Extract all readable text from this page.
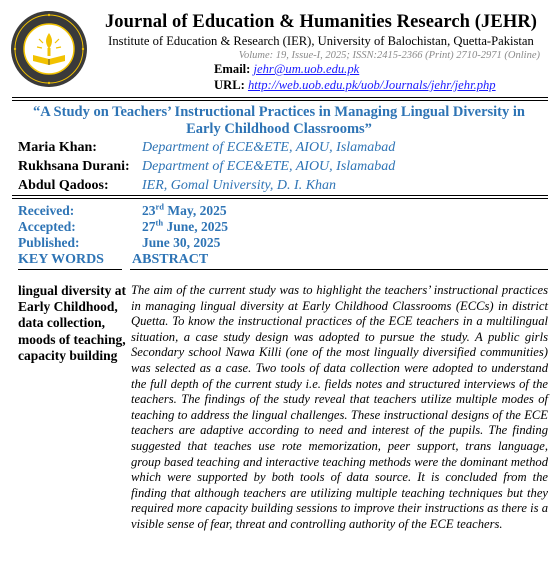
Journal of Education & Humanities Research (JEHR)
Institute of Education & Research (IER), University of Balochistan, Quetta-Pakistan
Volume: 19, Issue-I, 2025; ISSN:2415-2366 (Print) 2710-2971 (Online)
Email: jehr@um.uob.edu.pk
URL: http://web.uob.edu.pk/uob/Journals/jehr/jehr.php
“A Study on Teachers’ Instructional Practices in Managing Lingual Diversity in Early Childhood Classrooms”
Maria Khan:	Department of ECE&ETE, AIOU, Islamabad
Rukhsana Durani: Department of ECE&ETE, AIOU, Islamabad
Abdul Qadoos:	IER, Gomal University, D. I. Khan
Received:	23rd May, 2025
Accepted:	27th June, 2025
Published:	June 30, 2025
KEY WORDS ABSTRACT
lingual diversity at Early Childhood, data collection, moods of teaching, capacity building
The aim of the current study was to highlight the teachers’ instructional practices in managing lingual diversity at Early Childhood Classrooms (ECCs) in district Quetta. To know the instructional practices of the ECE teachers in a multilingual situation, a case study design was adopted to pursue the study. A public girls Secondary school Nawa Killi (one of the most lingually diversified communities) was selected as a case. Two tools of data collection were adopted to understand the full depth of the current study i.e. fields notes and structured interviews of the teachers. The findings of the study reveal that teachers utilize multiple modes of teaching to address the lingual challenges. These instructional designs of the ECE teachers are adaptive according to need and interest of the pupils. The finding suggested that teaches use rote memorization, peer support, trans language, group based teaching and interactive teaching methods were the dominant method which were supported by both tools of data source. It is concluded from the finding that although teachers are utilizing multiple teaching techniques but they required more capacity building sessions to improve their instructions as there is a visible sense of fear, threat and controlling authority of the ECE teachers.
